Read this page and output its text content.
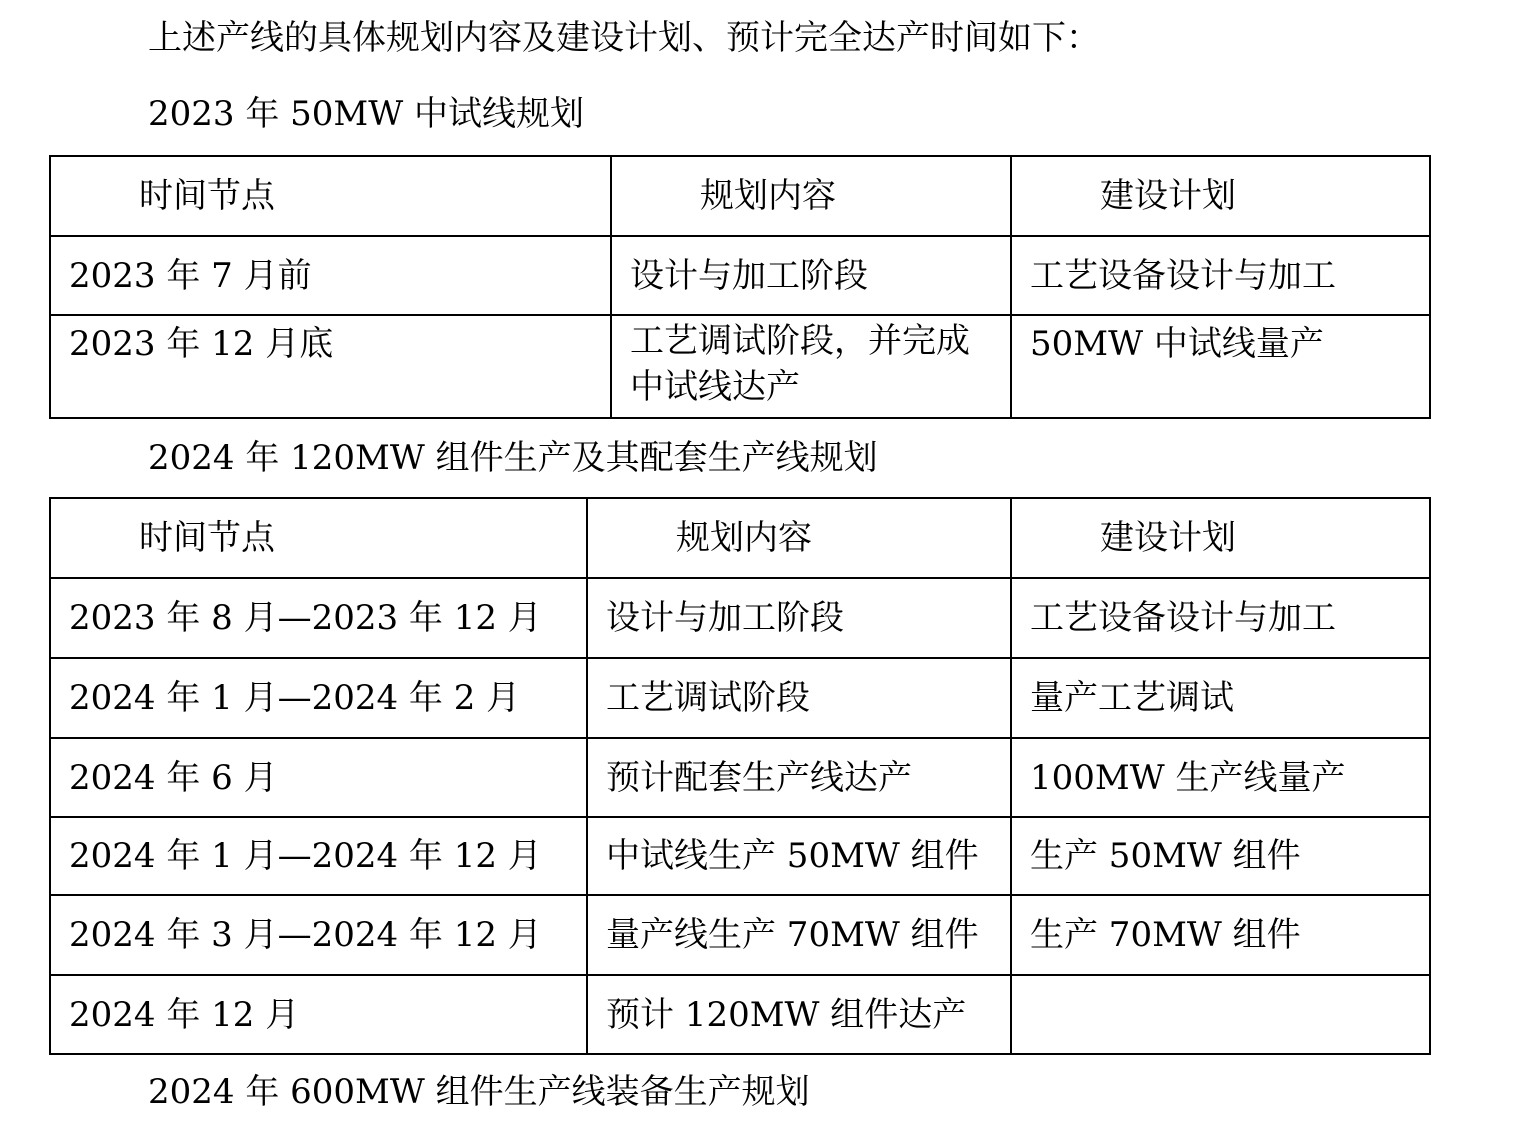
上述产线的具体规划内容及建设计划、预计完全达产时间如下：

2023 年 50MW 中试线规划

时间节点	规划内容	建设计划
2023 年 7 月前	设计与加工阶段	工艺设备设计与加工
2023 年 12 月底	工艺调试阶段，并完成中试线达产	50MW 中试线量产

2024 年 120MW 组件生产及其配套生产线规划

时间节点	规划内容	建设计划
2023 年 8 月—2023 年 12 月	设计与加工阶段	工艺设备设计与加工
2024 年 1 月—2024 年 2 月	工艺调试阶段	量产工艺调试
2024 年 6 月	预计配套生产线达产	100MW 生产线量产
2024 年 1 月—2024 年 12 月	中试线生产 50MW 组件	生产 50MW 组件
2024 年 3 月—2024 年 12 月	量产线生产 70MW 组件	生产 70MW 组件
2024 年 12 月	预计 120MW 组件达产	

2024 年 600MW 组件生产线装备生产规划
